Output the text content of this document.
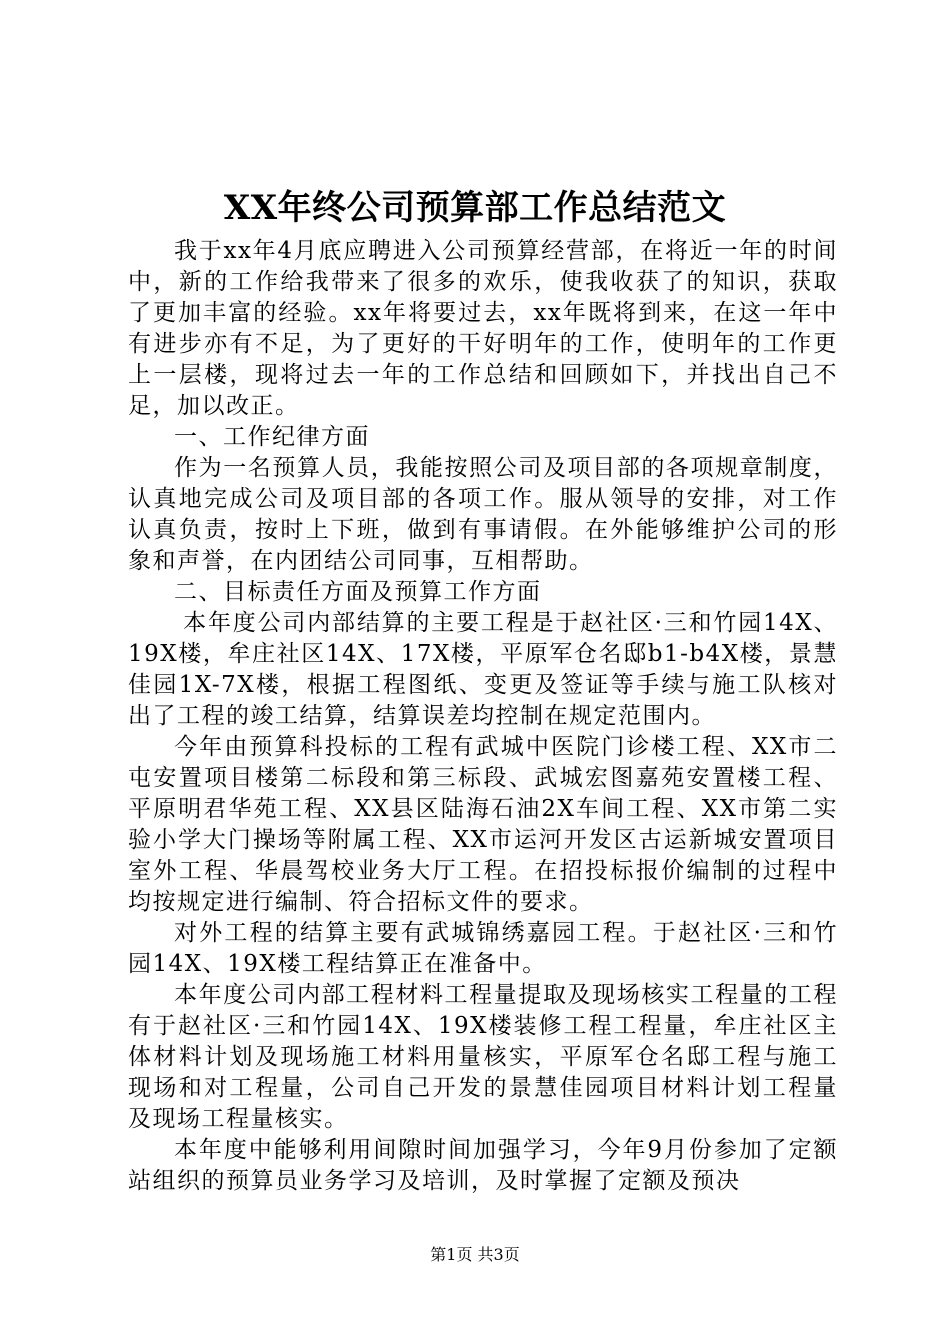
XX年终公司预算部工作总结范文

我于xx年4月底应聘进入公司预算经营部，在将近一年的时间中，新的工作给我带来了很多的欢乐，使我收获了的知识，获取了更加丰富的经验。xx年将要过去，xx年既将到来，在这一年中有进步亦有不足，为了更好的干好明年的工作，使明年的工作更上一层楼，现将过去一年的工作总结和回顾如下，并找出自己不足，加以改正。

一、工作纪律方面

作为一名预算人员，我能按照公司及项目部的各项规章制度，认真地完成公司及项目部的各项工作。服从领导的安排，对工作认真负责，按时上下班，做到有事请假。在外能够维护公司的形象和声誉，在内团结公司同事，互相帮助。

二、目标责任方面及预算工作方面

本年度公司内部结算的主要工程是于赵社区·三和竹园14X、19X楼，牟庄社区14X、17X楼，平原军仓名邸b1-b4X楼，景慧佳园1X-7X楼，根据工程图纸、变更及签证等手续与施工队核对出了工程的竣工结算，结算误差均控制在规定范围内。

今年由预算科投标的工程有武城中医院门诊楼工程、XX市二屯安置项目楼第二标段和第三标段、武城宏图嘉苑安置楼工程、平原明君华苑工程、XX县区陆海石油2X车间工程、XX市第二实验小学大门操场等附属工程、XX市运河开发区古运新城安置项目室外工程、华晨驾校业务大厅工程。在招投标报价编制的过程中均按规定进行编制、符合招标文件的要求。

对外工程的结算主要有武城锦绣嘉园工程。于赵社区·三和竹园14X、19X楼工程结算正在准备中。

本年度公司内部工程材料工程量提取及现场核实工程量的工程有于赵社区·三和竹园14X、19X楼装修工程工程量，牟庄社区主体材料计划及现场施工材料用量核实，平原军仓名邸工程与施工现场和对工程量，公司自己开发的景慧佳园项目材料计划工程量及现场工程量核实。

本年度中能够利用间隙时间加强学习，今年9月份参加了定额站组织的预算员业务学习及培训，及时掌握了定额及预决

第1页 共3页
